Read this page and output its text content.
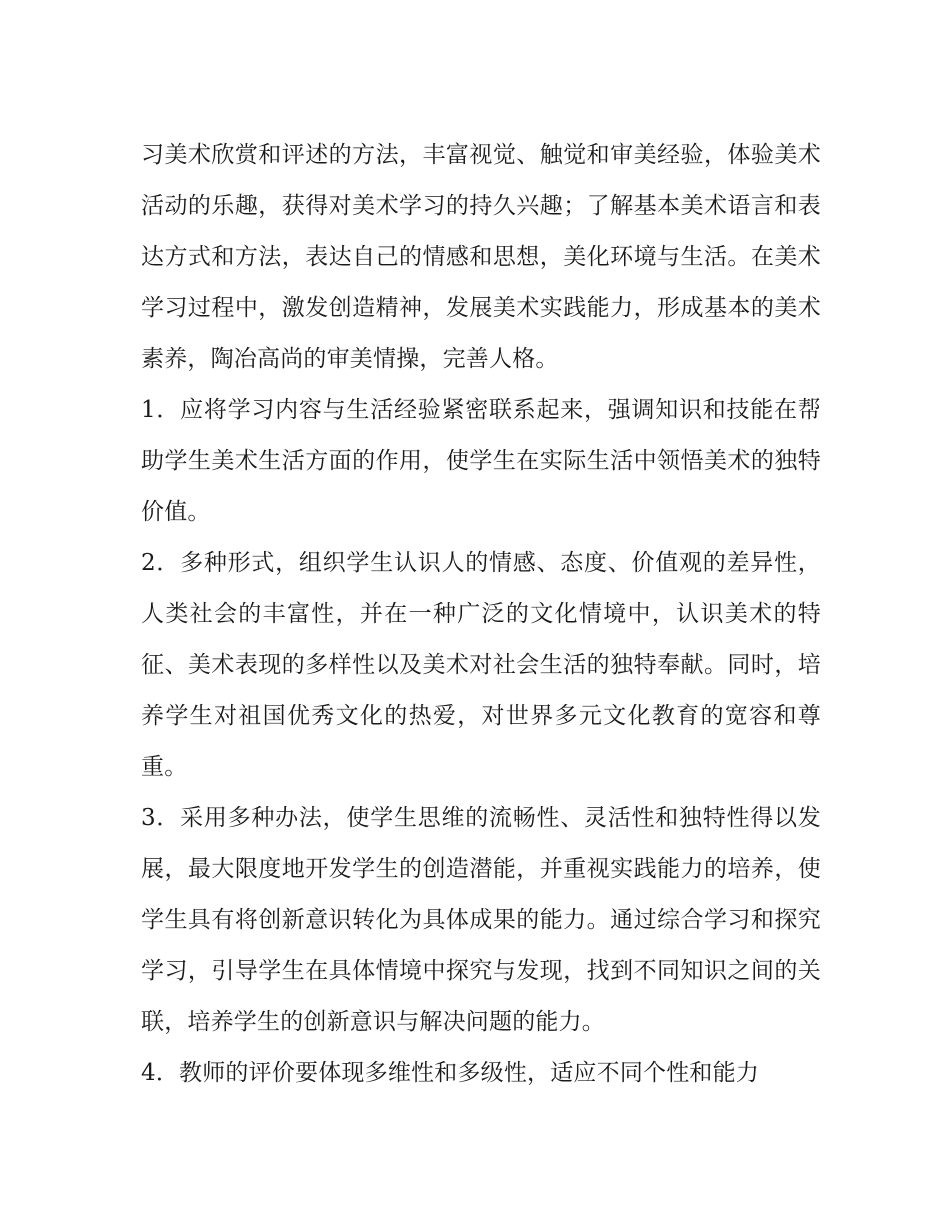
习美术欣赏和评述的方法，丰富视觉、触觉和审美经验，体验美术活动的乐趣，获得对美术学习的持久兴趣；了解基本美术语言和表达方式和方法，表达自己的情感和思想，美化环境与生活。在美术学习过程中，激发创造精神，发展美术实践能力，形成基本的美术素养，陶冶高尚的审美情操，完善人格。

1．应将学习内容与生活经验紧密联系起来，强调知识和技能在帮助学生美术生活方面的作用，使学生在实际生活中领悟美术的独特价值。

2．多种形式，组织学生认识人的情感、态度、价值观的差异性，人类社会的丰富性，并在一种广泛的文化情境中，认识美术的特征、美术表现的多样性以及美术对社会生活的独特奉献。同时，培养学生对祖国优秀文化的热爱，对世界多元文化教育的宽容和尊重。

3．采用多种办法，使学生思维的流畅性、灵活性和独特性得以发展，最大限度地开发学生的创造潜能，并重视实践能力的培养，使学生具有将创新意识转化为具体成果的能力。通过综合学习和探究学习，引导学生在具体情境中探究与发现，找到不同知识之间的关联，培养学生的创新意识与解决问题的能力。

4．教师的评价要体现多维性和多级性，适应不同个性和能力
